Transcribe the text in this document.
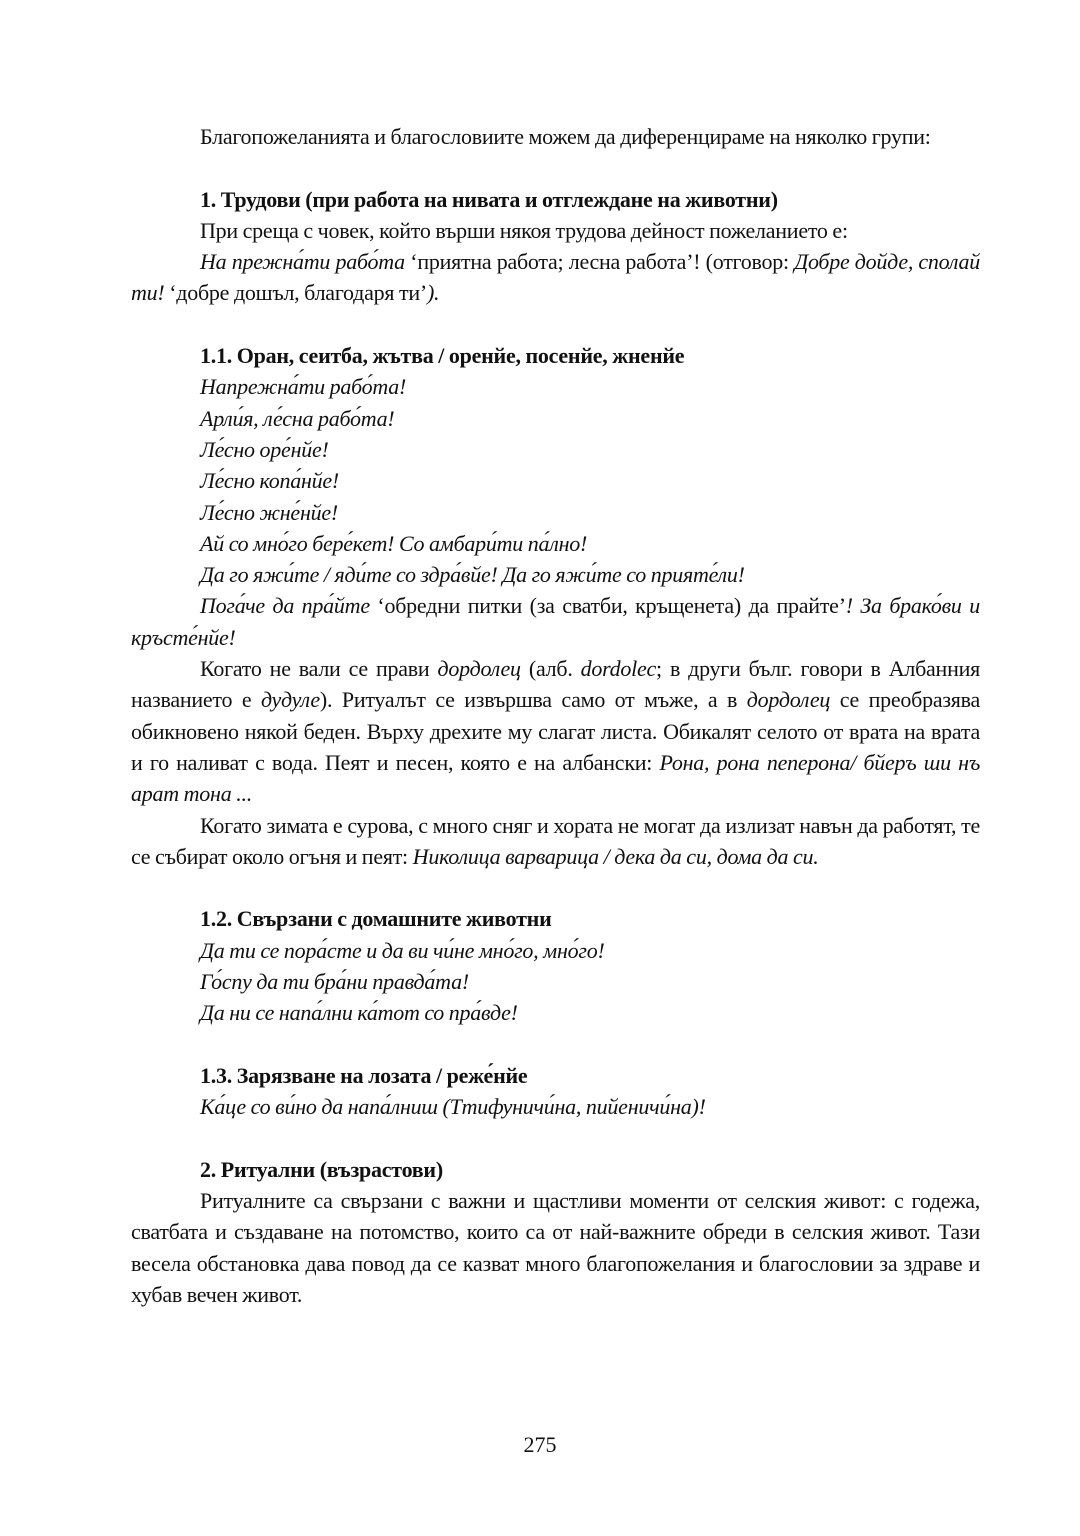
Благопожеланията и благословиите можем да диференцираме на няколко групи:
1. Трудови (при работа на нивата и отглеждане на животни)
При среща с човек, който върши някоя трудова дейност пожеланието е:
На прежна́ти рабо́та ‘приятна работа; лесна работа’! (отговор: Добре дойде, сполай ти! ‘добре дошъл, благодаря ти’).
1.1. Оран, сеитба, жътва / оренйе, посенйе, жненйе
Напрежна́ти рабо́та!
Арли́я, ле́сна рабо́та!
Ле́сно оре́нйе!
Ле́сно копа́нйе!
Ле́сно жне́нйе!
Ай со мно́го бере́кет! Со амбари́ти па́лно!
Да го яжи́те / яди́те со здра́вйе! Да го яжи́те со прияте́ли!
Пога́че да пра́йте ‘обредни питки (за сватби, кръщенета) да прайте’! За брако́ви и кръсте́нйе!
Когато не вали се прави дордолец (алб. dordolec; в други бълг. говори в Албанния названието е дудуле). Ритуалът се извършва само от мъже, а в дордолец се преобразява обикновено някой беден. Върху дрехите му слагат листа. Обикалят селото от врата на врата и го наливат с вода. Пеят и песен, която е на албански: Рона, рона пеперона/ бйеръ ши нъ арат тона ...
Когато зимата е сурова, с много сняг и хората не могат да излизат навън да работят, те се събират около огъня и пеят: Николица варварица / дека да си, дома да си.
1.2. Свързани с домашните животни
Да ти се пора́сте и да ви чи́не мно́го, мно́го!
Го́спу да ти бра́ни правда́та!
Да ни се напа́лни ка́тот со пра́вде!
1.3. Зарязване на лозата / реже́нйе
Ка́це со ви́но да напа́лниш (Ттифуничи́на, пийеничи́на)!
2. Ритуални (възрастови)
Ритуалните са свързани с важни и щастливи моменти от селския живот: с годежа, сватбата и създаване на потомство, които са от най-важните обреди в селския живот. Тази весела обстановка дава повод да се казват много благопожелания и благословии за здраве и хубав вечен живот.
275
